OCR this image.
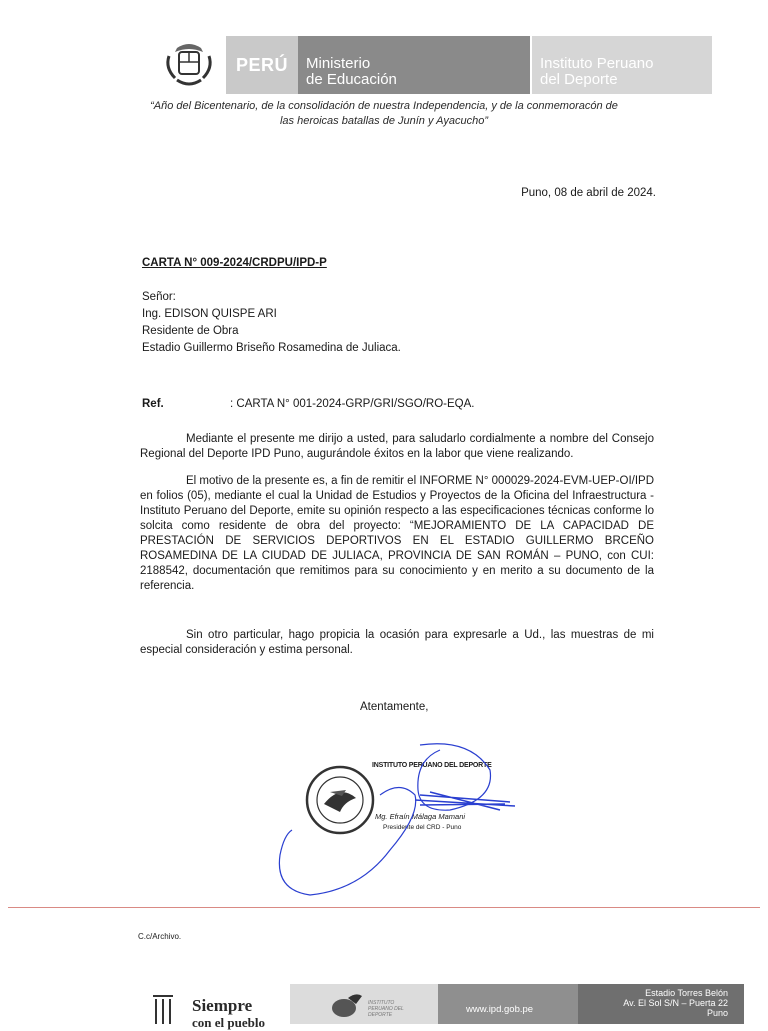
PERÚ	Ministerio
de Educación
Instituto Peruano
del Deporte
“Año del Bicentenario, de la consolidación de nuestra Independencia, y de la conmemoracón de
las heroicas batallas de Junín y Ayacucho”
Puno, 08 de abril de 2024.
CARTA N° 009-2024/CRDPU/IPD-P
Señor:
Ing. EDISON QUISPE ARI
Residente de Obra
Estadio Guillermo Briseño Rosamedina de Juliaca.
Ref.	: CARTA N° 001-2024-GRP/GRI/SGO/RO-EQA.
Mediante el presente me dirijo a usted, para saludarlo cordialmente a nombre del Consejo Regional del Deporte IPD Puno, augurándole éxitos en la labor que viene realizando.
El motivo de la presente es, a fin de remitir el INFORME N° 000029-2024-EVM-UEP-OI/IPD en folios (05), mediante el cual la Unidad de Estudios y Proyectos de la Oficina del Infraestructura - Instituto Peruano del Deporte, emite su opinión respecto a las especificaciones técnicas conforme lo solcita como residente de obra del proyecto: “MEJORAMIENTO DE LA CAPACIDAD DE PRESTACIÓN DE SERVICIOS DEPORTIVOS EN EL ESTADIO GUILLERMO BRCEÑO ROSAMEDINA DE LA CIUDAD DE JULIACA, PROVINCIA DE SAN ROMÁN – PUNO, con CUI: 2188542, documentación que remitimos para su conocimiento y en merito a su documento de la referencia.
Sin otro particular, hago propicia la ocasión para expresarle a Ud., las muestras de mi especial consideración y estima personal.
Atentamente,
INSTITUTO PERUANO DEL DEPORTE
Mg. Efraín Málaga Mamani
Presidente del CRD - Puno
C.c/Archivo.
Siempre
con el pueblo
INSTITUTO PERUANO DEL DEPORTE	www.ipd.gob.pe
Estadio Torres Belón
Av. El Sol S/N – Puerta 22
Puno
